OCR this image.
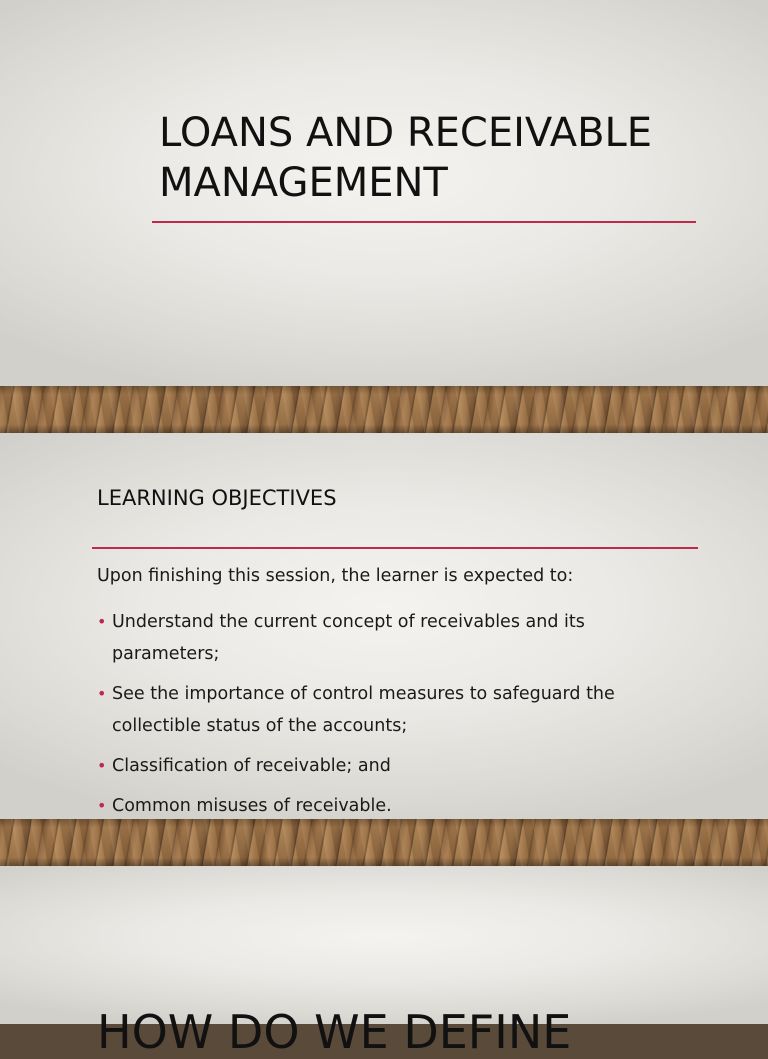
LOANS AND RECEIVABLE
MANAGEMENT
LEARNING OBJECTIVES

Upon finishing this session, the learner is expected to:

• Understand the current concept of receivables and its parameters;
• See the importance of control measures to safeguard the collectible status of the accounts;
• Classification of receivable; and
• Common misuses of receivable.
HOW DO WE DEFINE
